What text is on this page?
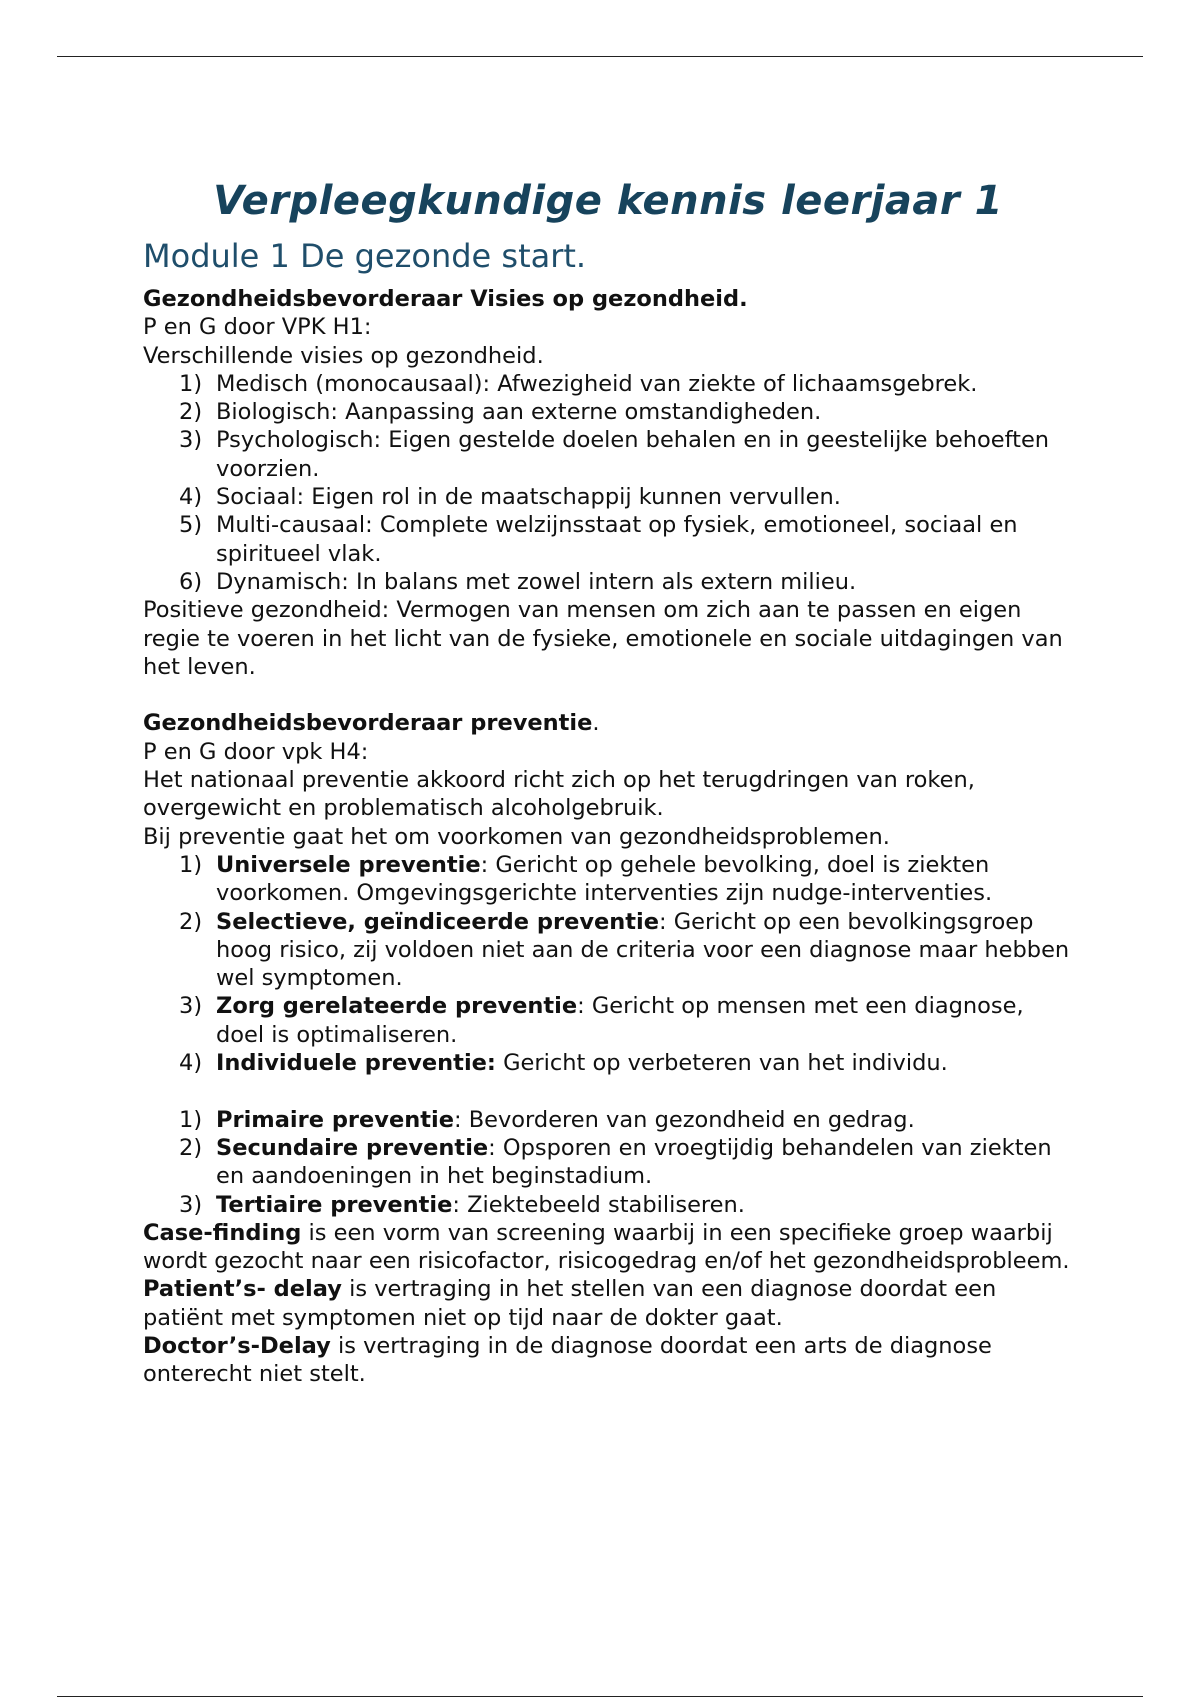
Verpleegkundige kennis leerjaar 1
Module 1 De gezonde start.

Gezondheidsbevorderaar Visies op gezondheid.

P en G door VPK H1:

Verschillende visies op gezondheid.

1) Medisch (monocausaal): Afwezigheid van ziekte of lichaamsgebrek.
2) Biologisch: Aanpassing aan externe omstandigheden.
3) Psychologisch: Eigen gestelde doelen behalen en in geestelijke behoeften voorzien.
4) Sociaal: Eigen rol in de maatschappij kunnen vervullen.
5) Multi-causaal: Complete welzijnsstaat op fysiek, emotioneel, sociaal en spiritueel vlak.
6) Dynamisch: In balans met zowel intern als extern milieu.

Positieve gezondheid: Vermogen van mensen om zich aan te passen en eigen regie te voeren in het licht van de fysieke, emotionele en sociale uitdagingen van het leven.

Gezondheidsbevorderaar preventie.

P en G door vpk H4:

Het nationaal preventie akkoord richt zich op het terugdringen van roken, overgewicht en problematisch alcoholgebruik.

Bij preventie gaat het om voorkomen van gezondheidsproblemen.

1) Universele preventie: Gericht op gehele bevolking, doel is ziekten voorkomen. Omgevingsgerichte interventies zijn nudge-interventies.
2) Selectieve, geïndiceerde preventie: Gericht op een bevolkingsgroep hoog risico, zij voldoen niet aan de criteria voor een diagnose maar hebben wel symptomen.
3) Zorg gerelateerde preventie: Gericht op mensen met een diagnose, doel is optimaliseren.
4) Individuele preventie: Gericht op verbeteren van het individu.
1) Primaire preventie: Bevorderen van gezondheid en gedrag.
2) Secundaire preventie: Opsporen en vroegtijdig behandelen van ziekten en aandoeningen in het beginstadium.
3) Tertiaire preventie: Ziektebeeld stabiliseren.

Case-finding is een vorm van screening waarbij in een specifieke groep waarbij wordt gezocht naar een risicofactor, risicogedrag en/of het gezondheidsprobleem.

Patient’s- delay is vertraging in het stellen van een diagnose doordat een patiënt met symptomen niet op tijd naar de dokter gaat.

Doctor’s-Delay is vertraging in de diagnose doordat een arts de diagnose onterecht niet stelt.
